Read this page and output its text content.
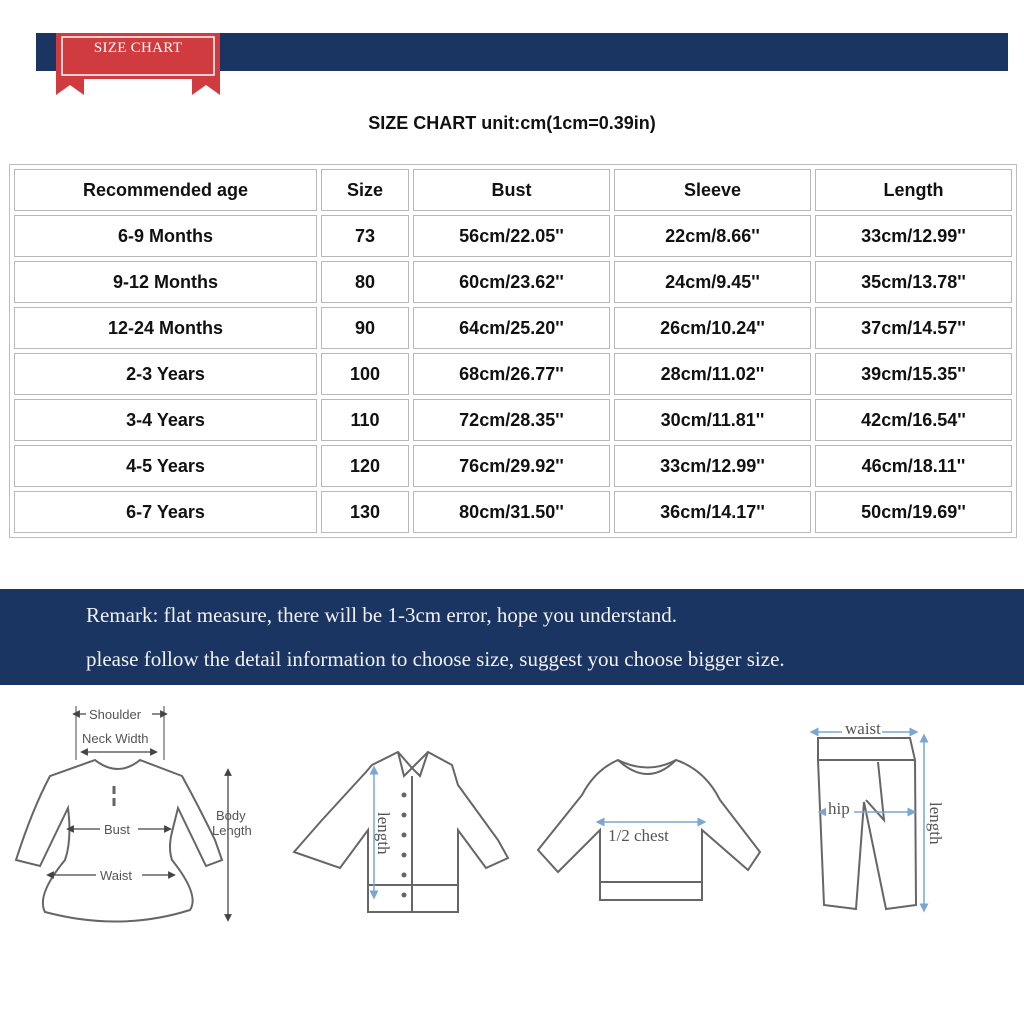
SIZE CHART
SIZE CHART unit:cm(1cm=0.39in)
Recommended age	Size	Bust	Sleeve	Length
6-9 Months	73	56cm/22.05''	22cm/8.66''	33cm/12.99''
9-12 Months	80	60cm/23.62''	24cm/9.45''	35cm/13.78''
12-24 Months	90	64cm/25.20''	26cm/10.24''	37cm/14.57''
2-3 Years	100	68cm/26.77''	28cm/11.02''	39cm/15.35''
3-4 Years	110	72cm/28.35''	30cm/11.81''	42cm/16.54''
4-5 Years	120	76cm/29.92''	33cm/12.99''	46cm/18.11''
6-7 Years	130	80cm/31.50''	36cm/14.17''	50cm/19.69''
Remark: flat measure, there will be 1-3cm error, hope you understand.
please follow the detail information to choose size, suggest you choose bigger size.
Shoulder
Neck Width
Bust
Waist
Body
Length	length	1/2 chest
waist
hip	length
